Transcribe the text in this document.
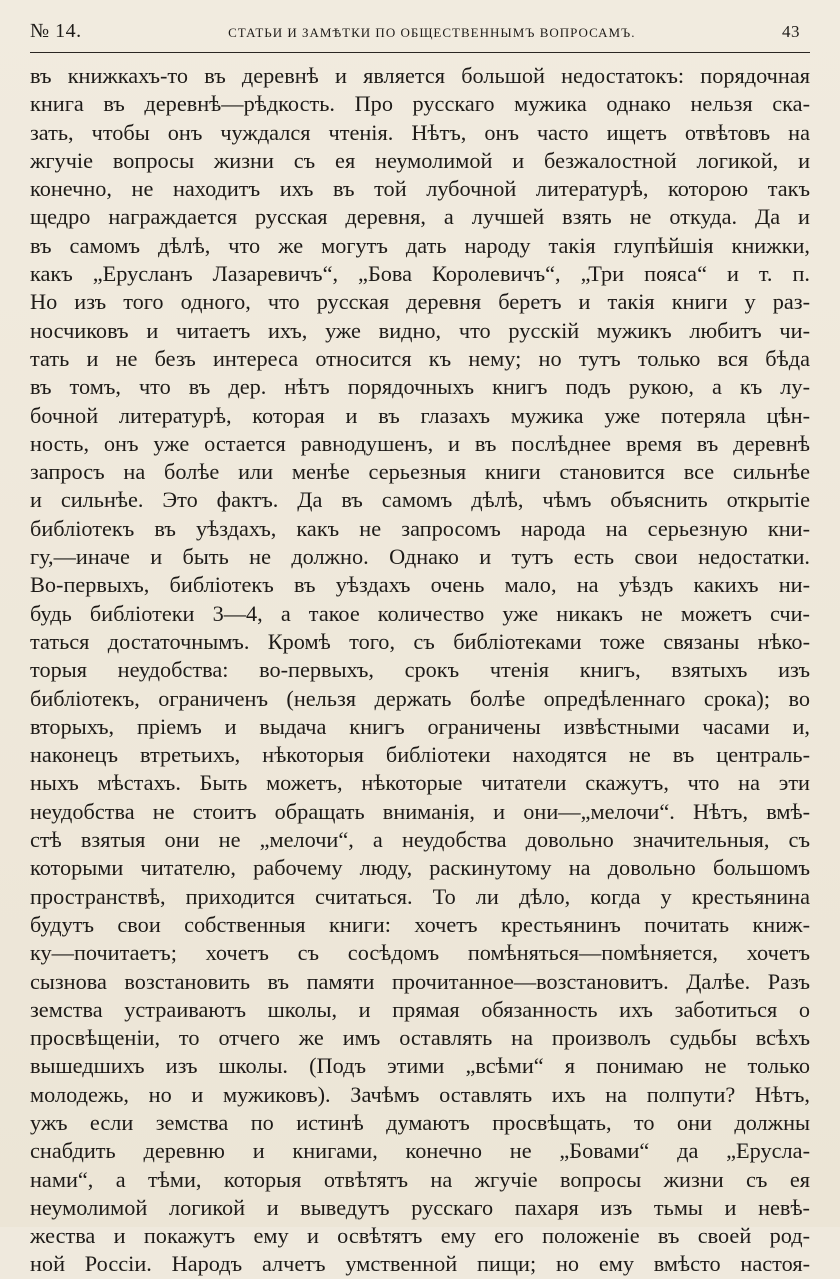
№ 14.	СТАТЬИ И ЗАМѢТКИ ПО ОБЩЕСТВЕННЫМЪ ВОПРОСАМЪ.	43
въ книжкахъ-то въ деревнѣ и является большой недостатокъ: порядочная
книга въ деревнѣ—рѣдкость. Про русскаго мужика однако нельзя ска-
зать, чтобы онъ чуждался чтенія. Нѣтъ, онъ часто ищетъ отвѣтовъ на
жгучіе вопросы жизни съ ея неумолимой и безжалостной логикой, и
конечно, не находитъ ихъ въ той лубочной литературѣ, которою такъ
щедро награждается русская деревня, а лучшей взять не откуда. Да и
въ самомъ дѣлѣ, что же могутъ дать народу такія глупѣйшія книжки,
какъ „Ерусланъ Лазаревичъ“, „Бова Королевичъ“, „Три пояса“ и т. п.
Но изъ того одного, что русская деревня беретъ и такія книги у раз-
носчиковъ и читаетъ ихъ, уже видно, что русскій мужикъ любитъ чи-
тать и не безъ интереса относится къ нему; но тутъ только вся бѣда
въ томъ, что въ дер. нѣтъ порядочныхъ книгъ подъ рукою, а къ лу-
бочной литературѣ, которая и въ глазахъ мужика уже потеряла цѣн-
ность, онъ уже остается равнодушенъ, и въ послѣднее время въ деревнѣ
запросъ на болѣе или менѣе серьезныя книги становится все сильнѣе
и сильнѣе. Это фактъ. Да въ самомъ дѣлѣ, чѣмъ объяснить открытіе
библіотекъ въ уѣздахъ, какъ не запросомъ народа на серьезную кни-
гу,—иначе и быть не должно. Однако и тутъ есть свои недостатки.
Во-первыхъ, библіотекъ въ уѣздахъ очень мало, на уѣздъ какихъ ни-
будь библіотеки 3—4, а такое количество уже никакъ не можетъ счи-
таться достаточнымъ. Кромѣ того, съ библіотеками тоже связаны нѣко-
торыя неудобства: во-первыхъ, срокъ чтенія книгъ, взятыхъ изъ
библіотекъ, ограниченъ (нельзя держать болѣе опредѣленнаго срока); во
вторыхъ, пріемъ и выдача книгъ ограничены извѣстными часами и,
наконецъ втретьихъ, нѣкоторыя библіотеки находятся не въ централь-
ныхъ мѣстахъ. Быть можетъ, нѣкоторые читатели скажутъ, что на эти
неудобства не стоитъ обращать вниманія, и они—„мелочи“. Нѣтъ, вмѣ-
стѣ взятыя они не „мелочи“, а неудобства довольно значительныя, съ
которыми читателю, рабочему люду, раскинутому на довольно большомъ
пространствѣ, приходится считаться. То ли дѣло, когда у крестьянина
будутъ свои собственныя книги: хочетъ крестьянинъ почитать книж-
ку—почитаетъ; хочетъ съ сосѣдомъ помѣняться—помѣняется, хочетъ
сызнова возстановить въ памяти прочитанное—возстановитъ. Далѣе. Разъ
земства устраиваютъ школы, и прямая обязанность ихъ заботиться о
просвѣщеніи, то отчего же имъ оставлять на произволъ судьбы всѣхъ
вышедшихъ изъ школы. (Подъ этими „всѣми“ я понимаю не только
молодежь, но и мужиковъ). Зачѣмъ оставлять ихъ на полпути? Нѣтъ,
ужъ если земства по истинѣ думаютъ просвѣщать, то они должны
снабдить деревню и книгами, конечно не „Бовами“ да „Еруслa-
нами“, а тѣми, которыя отвѣтятъ на жгучіе вопросы жизни съ ея
неумолимой логикой и выведутъ русскаго пахаря изъ тьмы и невѣ-
жества и покажутъ ему и освѣтятъ ему его положеніе въ своей род-
ной Россіи. Народъ алчетъ умственной пищи; но ему вмѣсто настоя-
